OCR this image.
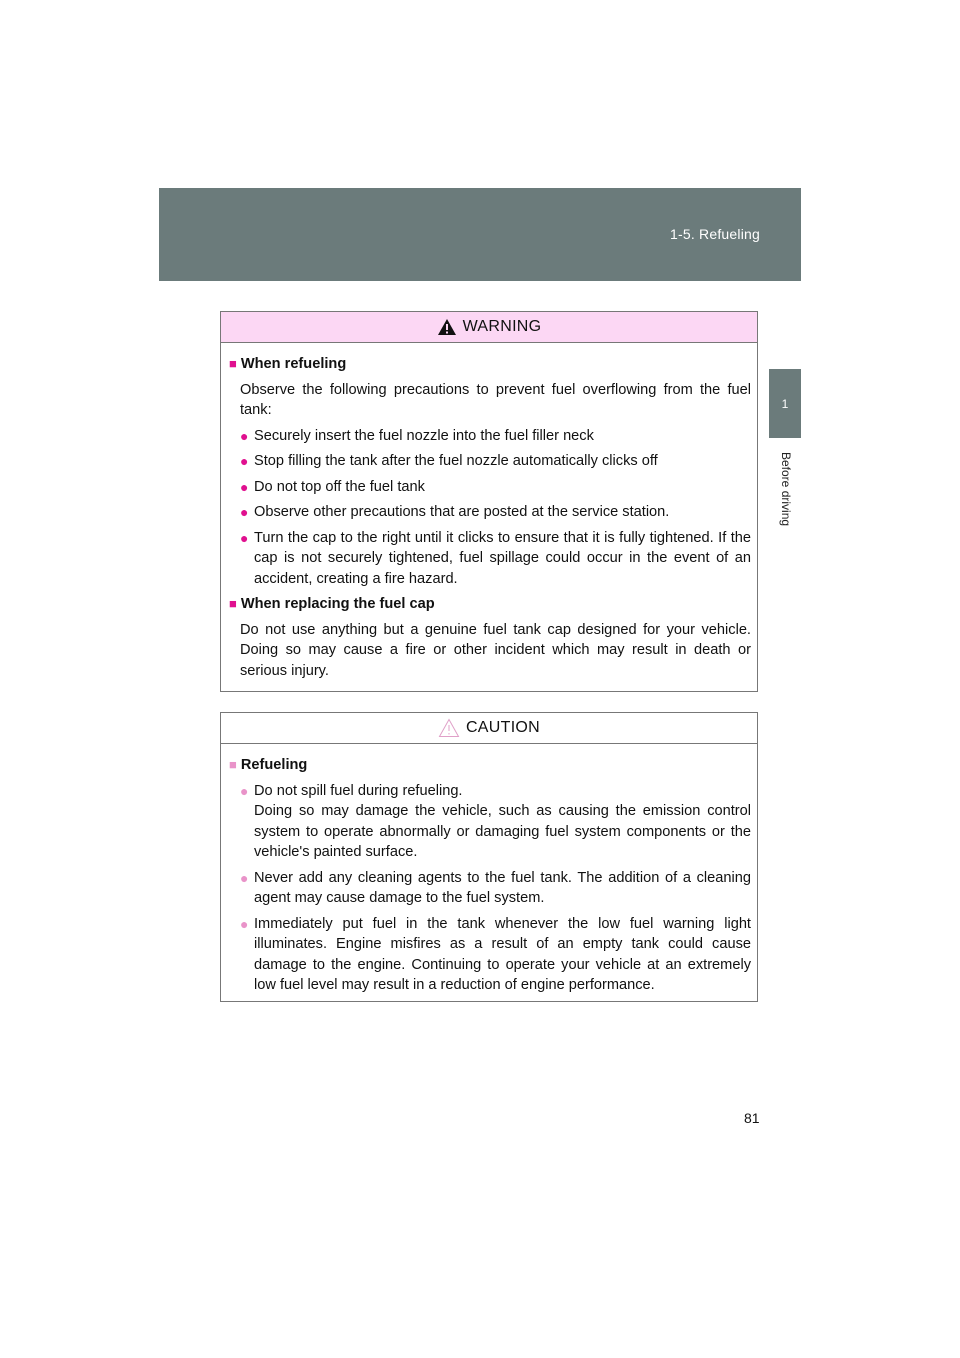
1-5. Refueling
1
Before driving
WARNING
■ When refueling
Observe the following precautions to prevent fuel overflowing from the fuel tank:
● Securely insert the fuel nozzle into the fuel filler neck
● Stop filling the tank after the fuel nozzle automatically clicks off
● Do not top off the fuel tank
● Observe other precautions that are posted at the service station.
● Turn the cap to the right until it clicks to ensure that it is fully tightened. If the cap is not securely tightened, fuel spillage could occur in the event of an accident, creating a fire hazard.
■ When replacing the fuel cap
Do not use anything but a genuine fuel tank cap designed for your vehicle. Doing so may cause a fire or other incident which may result in death or serious injury.
CAUTION
■ Refueling
● Do not spill fuel during refueling.
Doing so may damage the vehicle, such as causing the emission control system to operate abnormally or damaging fuel system components or the vehicle's painted surface.
● Never add any cleaning agents to the fuel tank. The addition of a cleaning agent may cause damage to the fuel system.
● Immediately put fuel in the tank whenever the low fuel warning light illuminates. Engine misfires as a result of an empty tank could cause damage to the engine. Continuing to operate your vehicle at an extremely low fuel level may result in a reduction of engine performance.
81
